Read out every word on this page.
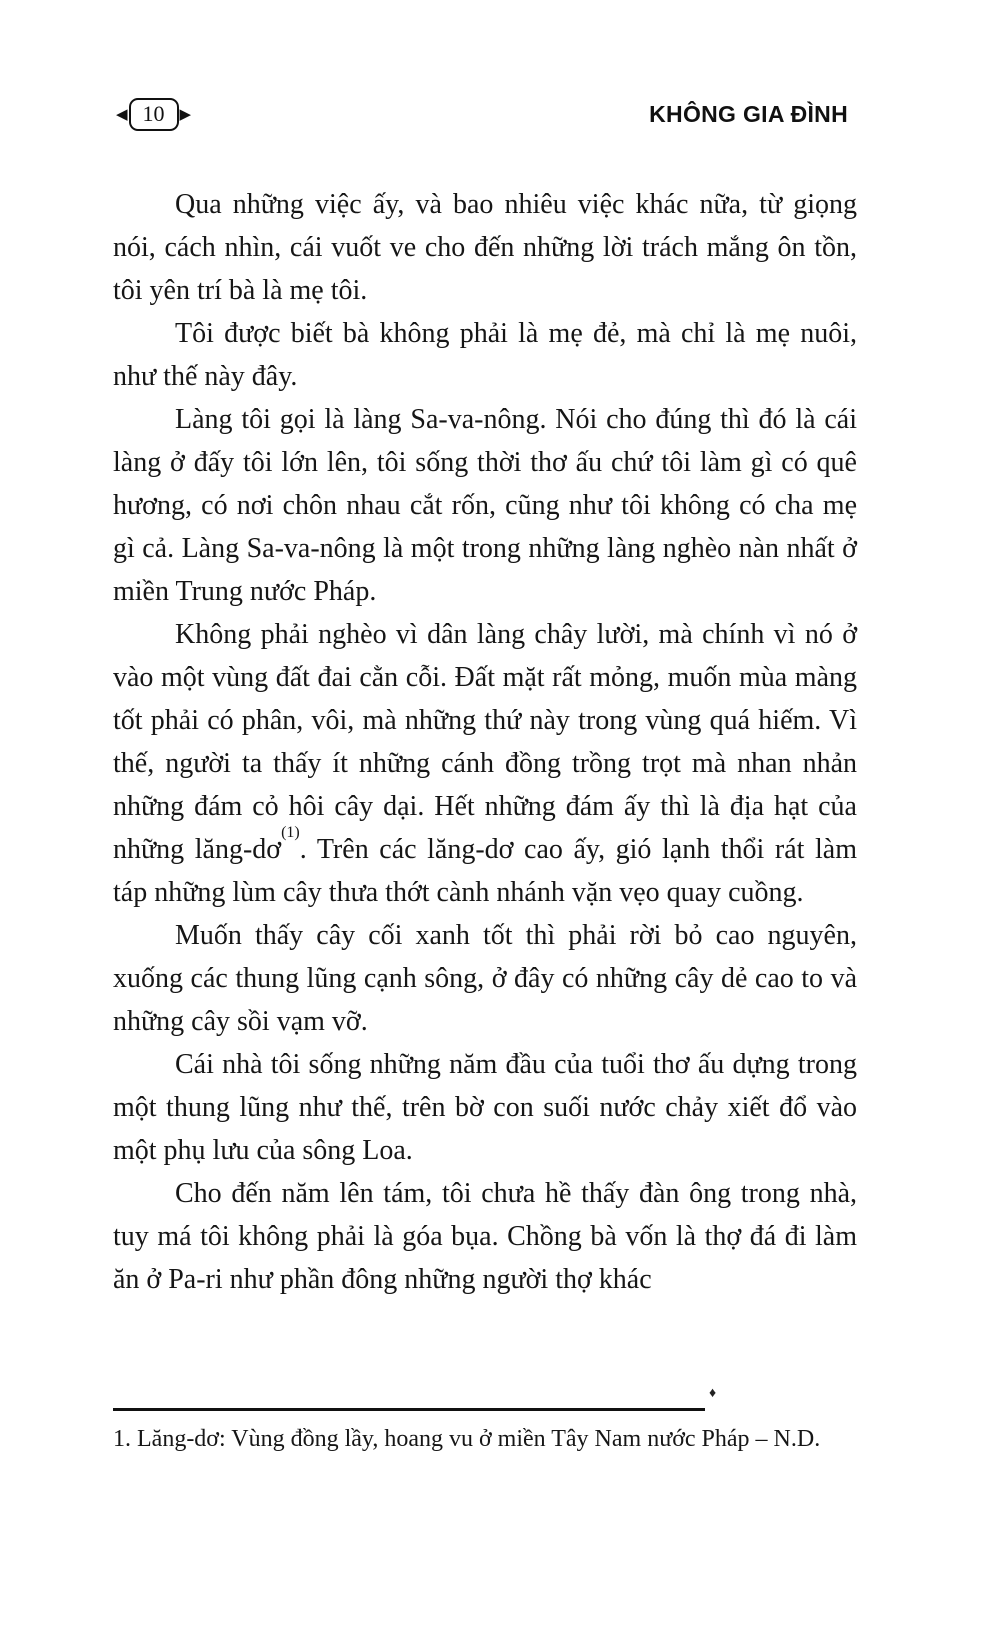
◀ 10	▶	KHÔNG GIA ĐÌNH

Qua những việc ấy, và bao nhiêu việc khác nữa, từ giọng nói, cách nhìn, cái vuốt ve cho đến những lời trách mắng ôn tồn, tôi yên trí bà là mẹ tôi.

Tôi được biết bà không phải là mẹ đẻ, mà chỉ là mẹ nuôi, như thế này đây.

Làng tôi gọi là làng Sa-va-nông. Nói cho đúng thì đó là cái làng ở đấy tôi lớn lên, tôi sống thời thơ ấu chứ tôi làm gì có quê hương, có nơi chôn nhau cắt rốn, cũng như tôi không có cha mẹ gì cả. Làng Sa-va-nông là một trong những làng nghèo nàn nhất ở miền Trung nước Pháp.

Không phải nghèo vì dân làng chây lười, mà chính vì nó ở vào một vùng đất đai cằn cỗi. Đất mặt rất mỏng, muốn mùa màng tốt phải có phân, vôi, mà những thứ này trong vùng quá hiếm. Vì thế, người ta thấy ít những cánh đồng trồng trọt mà nhan nhản những đám cỏ hôi cây dại. Hết những đám ấy thì là địa hạt của những lăng-dơ$^{(1)}$. Trên các lăng-dơ cao ấy, gió lạnh thổi rát làm táp những lùm cây thưa thớt cành nhánh vặn vẹo quay cuồng.

Muốn thấy cây cối xanh tốt thì phải rời bỏ cao nguyên, xuống các thung lũng cạnh sông, ở đây có những cây dẻ cao to và những cây sồi vạm vỡ.

Cái nhà tôi sống những năm đầu của tuổi thơ ấu dựng trong một thung lũng như thế, trên bờ con suối nước chảy xiết đổ vào một phụ lưu của sông Loa.

Cho đến năm lên tám, tôi chưa hề thấy đàn ông trong nhà, tuy má tôi không phải là góa bụa. Chồng bà vốn là thợ đá đi làm ăn ở Pa-ri như phần đông những người thợ khác

♦

1. Lăng-dơ: Vùng đồng lầy, hoang vu ở miền Tây Nam nước Pháp – N.D.
